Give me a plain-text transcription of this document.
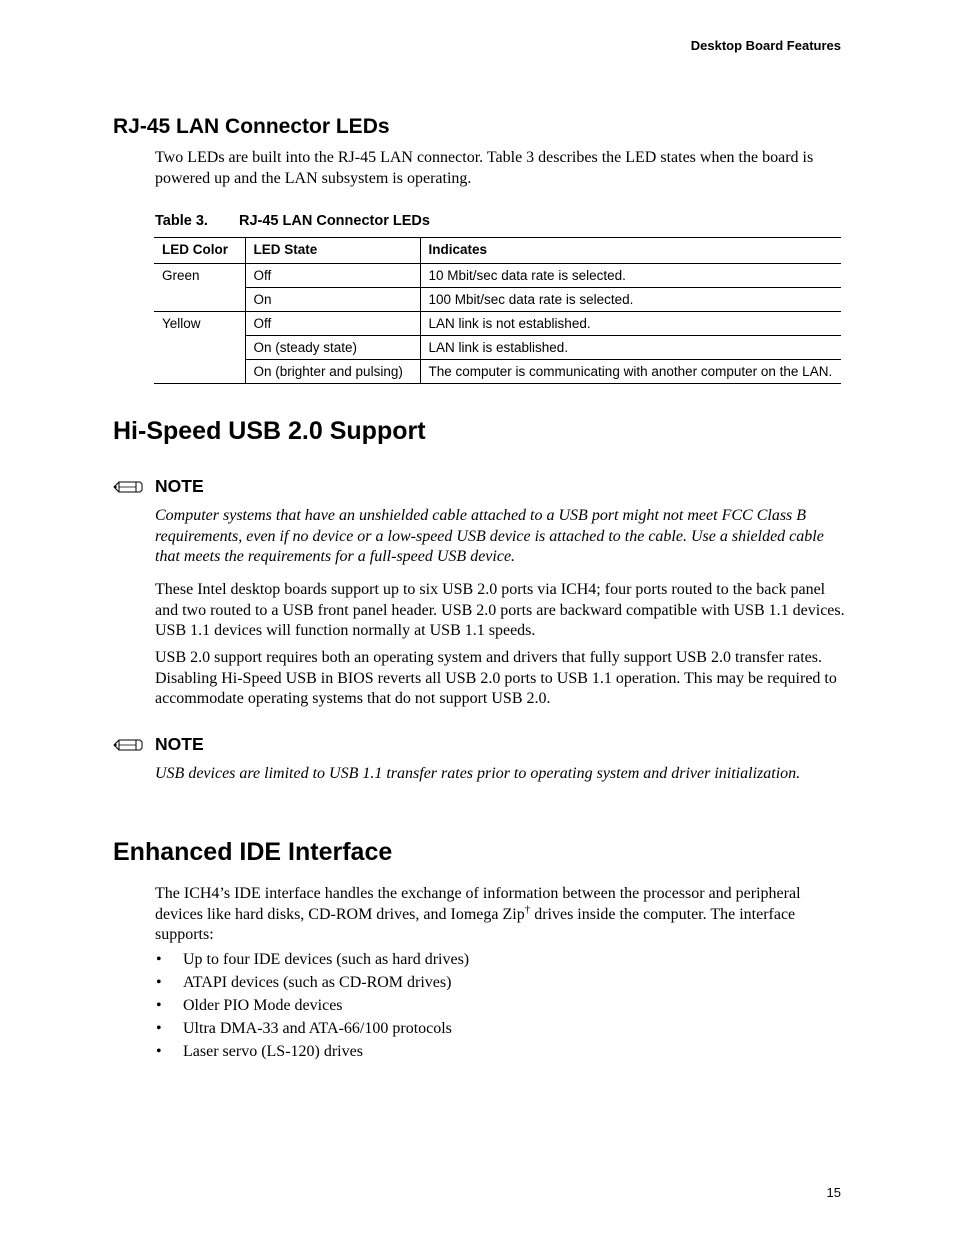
Desktop Board Features
RJ-45 LAN Connector LEDs

Two LEDs are built into the RJ-45 LAN connector. Table 3 describes the LED states when the board is powered up and the LAN subsystem is operating.

Table 3. RJ-45 LAN Connector LEDs
LED Color	LED State	Indicates
Green	Off	10 Mbit/sec data rate is selected.
	On	100 Mbit/sec data rate is selected.
Yellow	Off	LAN link is not established.
	On (steady state)	LAN link is established.
	On (brighter and pulsing)	The computer is communicating with another computer on the LAN.
Hi-Speed USB 2.0 Support
NOTE

Computer systems that have an unshielded cable attached to a USB port might not meet FCC Class B requirements, even if no device or a low-speed USB device is attached to the cable. Use a shielded cable that meets the requirements for a full-speed USB device.

These Intel desktop boards support up to six USB 2.0 ports via ICH4; four ports routed to the back panel and two routed to a USB front panel header. USB 2.0 ports are backward compatible with USB 1.1 devices. USB 1.1 devices will function normally at USB 1.1 speeds.

USB 2.0 support requires both an operating system and drivers that fully support USB 2.0 transfer rates. Disabling Hi-Speed USB in BIOS reverts all USB 2.0 ports to USB 1.1 operation. This may be required to accommodate operating systems that do not support USB 2.0.

NOTE

USB devices are limited to USB 1.1 transfer rates prior to operating system and driver initialization.

Enhanced IDE Interface

The ICH4’s IDE interface handles the exchange of information between the processor and peripheral devices like hard disks, CD-ROM drives, and Iomega Zip† drives inside the computer. The interface supports:

• Up to four IDE devices (such as hard drives)
• ATAPI devices (such as CD-ROM drives)
• Older PIO Mode devices
• Ultra DMA-33 and ATA-66/100 protocols
• Laser servo (LS-120) drives
15
